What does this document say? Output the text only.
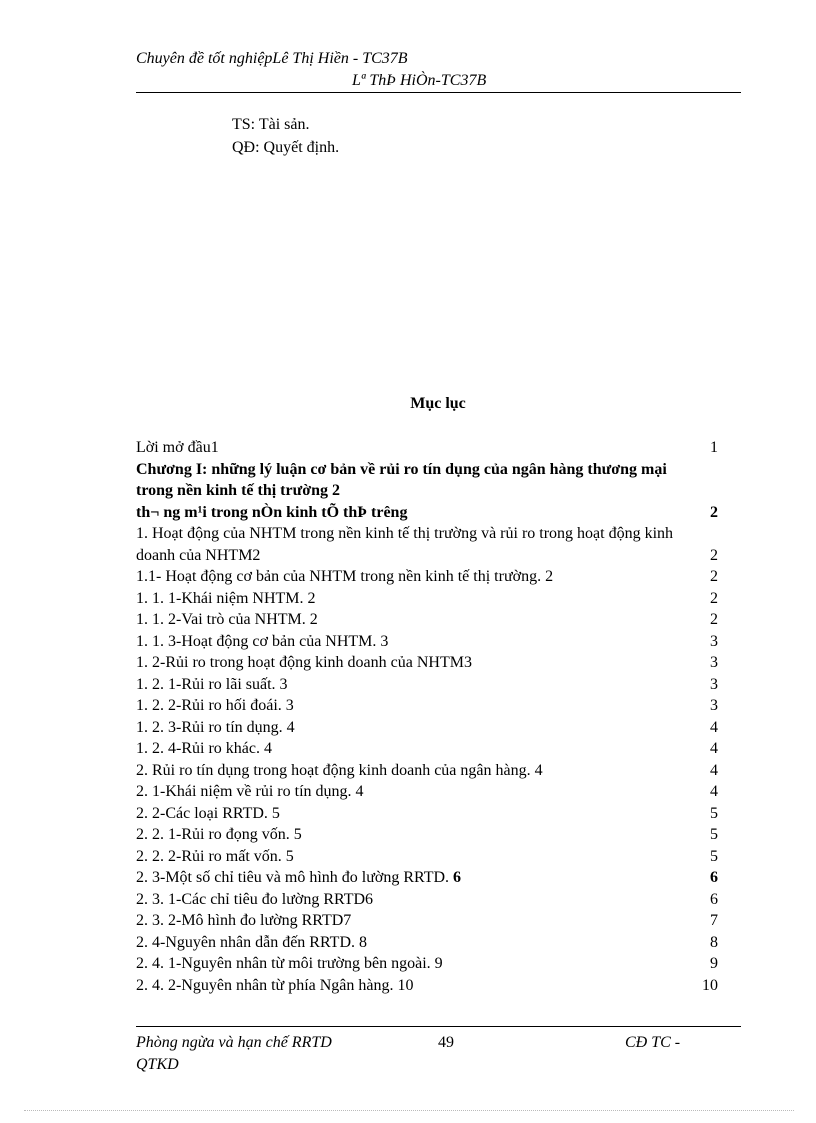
Chuyên đề tốt nghiệpLê Thị Hiền - TC37B
Lª ThÞ HiÒn-TC37B
TS: Tài sản.
QĐ: Quyết định.
Mục lục
Lời mở đầu1	1
Chương I: những lý luận cơ bản về rủi ro tín dụng của ngân hàng thương mại trong nền kinh tế thị trường 2
th¬ ng m¹i trong nÒn kinh tÕ thÞ trêng	2
1. Hoạt động của NHTM trong nền kinh tế thị trường và rủi ro trong hoạt động kinh doanh của NHTM2	2
1.1- Hoạt động cơ bản của NHTM trong nền kinh tế thị trường. 2	2
1. 1. 1-Khái niệm NHTM. 2	2
1. 1. 2-Vai trò của NHTM. 2	2
1. 1. 3-Hoạt động cơ bản của NHTM. 3	3
1. 2-Rủi ro trong hoạt động kinh doanh của NHTM3	3
1. 2. 1-Rủi ro lãi suất. 3	3
1. 2. 2-Rủi ro hối đoái. 3	3
1. 2. 3-Rủi ro tín dụng. 4	4
1. 2. 4-Rủi ro khác. 4	4
2. Rủi ro tín dụng trong hoạt động kinh doanh của ngân hàng. 4	4
2. 1-Khái niệm về rủi ro tín dụng. 4	4
2. 2-Các loại RRTD. 5	5
2. 2. 1-Rủi ro đọng vốn. 5	5
2. 2. 2-Rủi ro mất vốn. 5	5
2. 3-Một số chỉ tiêu và mô hình đo lường RRTD. 6	6
2. 3. 1-Các chỉ tiêu đo lường RRTD6	6
2. 3. 2-Mô hình đo lường RRTD7	7
2. 4-Nguyên nhân dẫn đến RRTD. 8	8
2. 4. 1-Nguyên nhân từ môi trường bên ngoài. 9	9
2. 4. 2-Nguyên nhân từ phía Ngân hàng. 10	10
Phòng ngừa và hạn chế RRTD
QTKD
49	CĐ TC -
